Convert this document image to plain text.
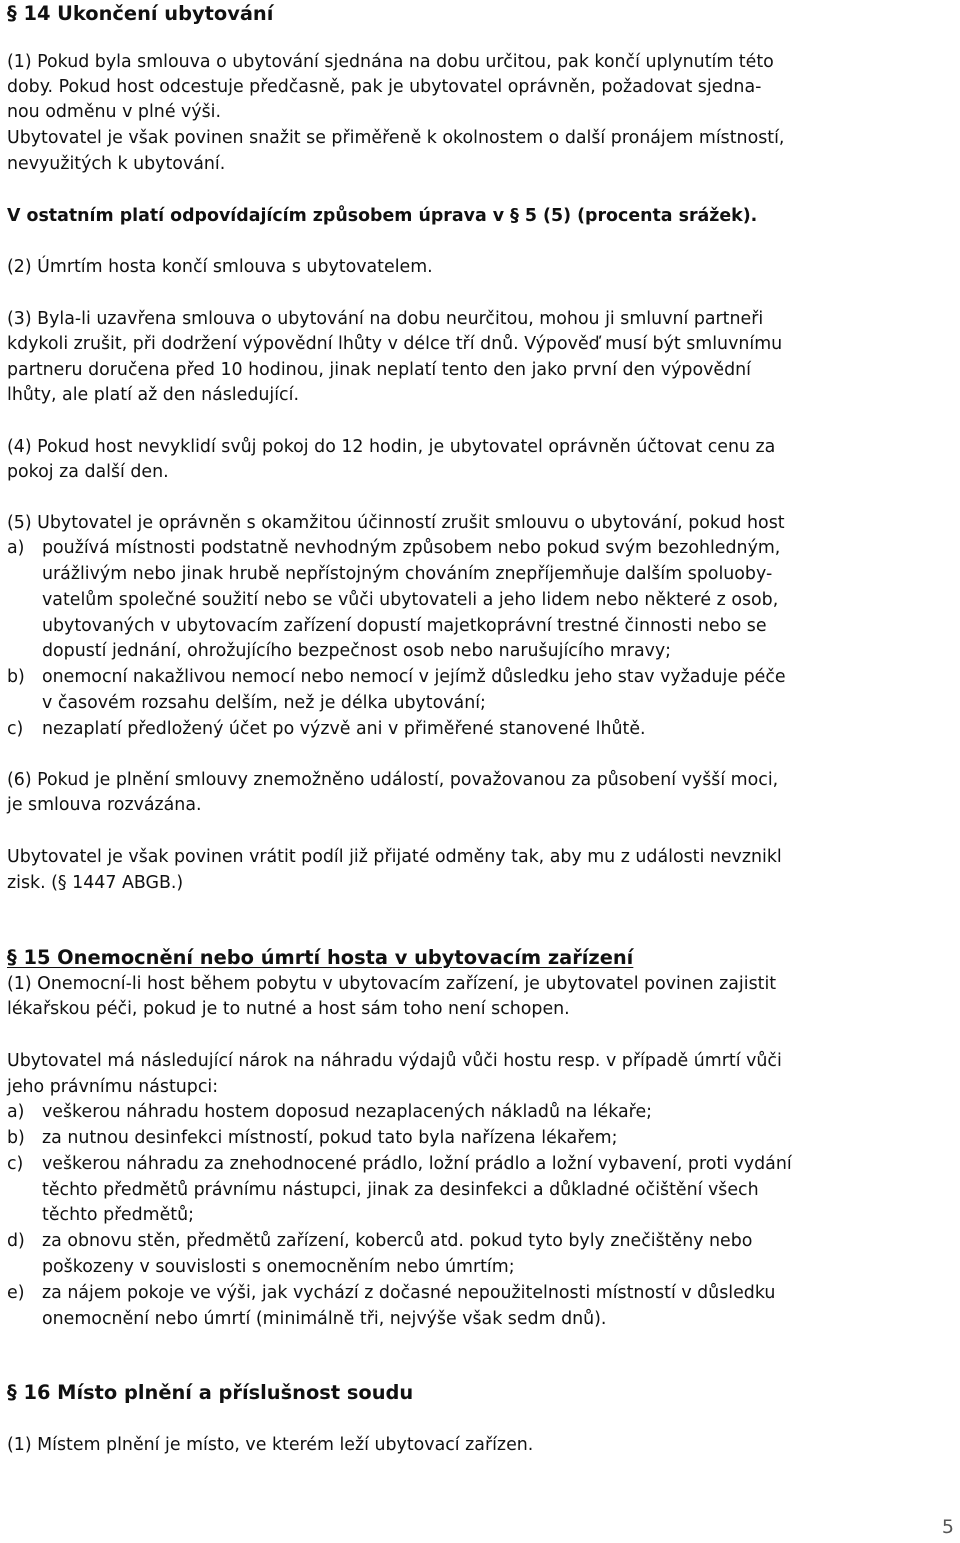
§ 14 Ukončení ubytování
(1) Pokud byla smlouva o ubytování sjednána na dobu určitou, pak končí uplynutím této
doby. Pokud host odcestuje předčasně, pak je ubytovatel oprávněn, požadovat sjedna-
nou odměnu v plné výši.
Ubytovatel je však povinen snažit se přiměřeně k okolnostem o další pronájem místností,
nevyužitých k ubytování.
V ostatním platí odpovídajícím způsobem úprava v § 5 (5) (procenta srážek).
(2) Úmrtím hosta končí smlouva s ubytovatelem.
(3) Byla-li uzavřena smlouva o ubytování na dobu neurčitou, mohou ji smluvní partneři
kdykoli zrušit, při dodržení výpovědní lhůty v délce tří dnů. Výpověď musí být smluvnímu
partneru doručena před 10 hodinou, jinak neplatí tento den jako první den výpovědní
lhůty, ale platí až den následující.
(4) Pokud host nevyklidí svůj pokoj do 12 hodin, je ubytovatel oprávněn účtovat cenu za
pokoj za další den.
(5) Ubytovatel je oprávněn s okamžitou účinností zrušit smlouvu o ubytování, pokud host
a) používá místnosti podstatně nevhodným způsobem nebo pokud svým bezohledným,
urážlivým nebo jinak hrubě nepřístojným chováním znepříjemňuje dalším spoluoby-
vatelům společné soužití nebo se vůči ubytovateli a jeho lidem nebo některé z osob,
ubytovaných v ubytovacím zařízení dopustí majetkoprávní trestné činnosti nebo se
dopustí jednání, ohrožujícího bezpečnost osob nebo narušujícího mravy;
b) onemocní nakažlivou nemocí nebo nemocí v jejímž důsledku jeho stav vyžaduje péče
v časovém rozsahu delším, než je délka ubytování;
c) nezaplatí předložený účet po výzvě ani v přiměřené stanovené lhůtě.
(6) Pokud je plnění smlouvy znemožněno událostí, považovanou za působení vyšší moci,
je smlouva rozvázána.
Ubytovatel je však povinen vrátit podíl již přijaté odměny tak, aby mu z události nevznikl
zisk. (§ 1447 ABGB.)
§ 15 Onemocnění nebo úmrtí hosta v ubytovacím zařízení
(1) Onemocní-li host během pobytu v ubytovacím zařízení, je ubytovatel povinen zajistit
lékařskou péči, pokud je to nutné a host sám toho není schopen.
Ubytovatel má následující nárok na náhradu výdajů vůči hostu resp. v případě úmrtí vůči
jeho právnímu nástupci:
a) veškerou náhradu hostem doposud nezaplacených nákladů na lékaře;
b) za nutnou desinfekci místností, pokud tato byla nařízena lékařem;
c) veškerou náhradu za znehodnocené prádlo, ložní prádlo a ložní vybavení, proti vydání
těchto předmětů právnímu nástupci, jinak za desinfekci a důkladné očištění všech
těchto předmětů;
d) za obnovu stěn, předmětů zařízení, koberců atd. pokud tyto byly znečištěny nebo
poškozeny v souvislosti s onemocněním nebo úmrtím;
e) za nájem pokoje ve výši, jak vychází z dočasné nepoužitelnosti místností v důsledku
onemocnění nebo úmrtí (minimálně tři, nejvýše však sedm dnů).
§ 16 Místo plnění a příslušnost soudu
(1) Místem plnění je místo, ve kterém leží ubytovací zařízen.
5
